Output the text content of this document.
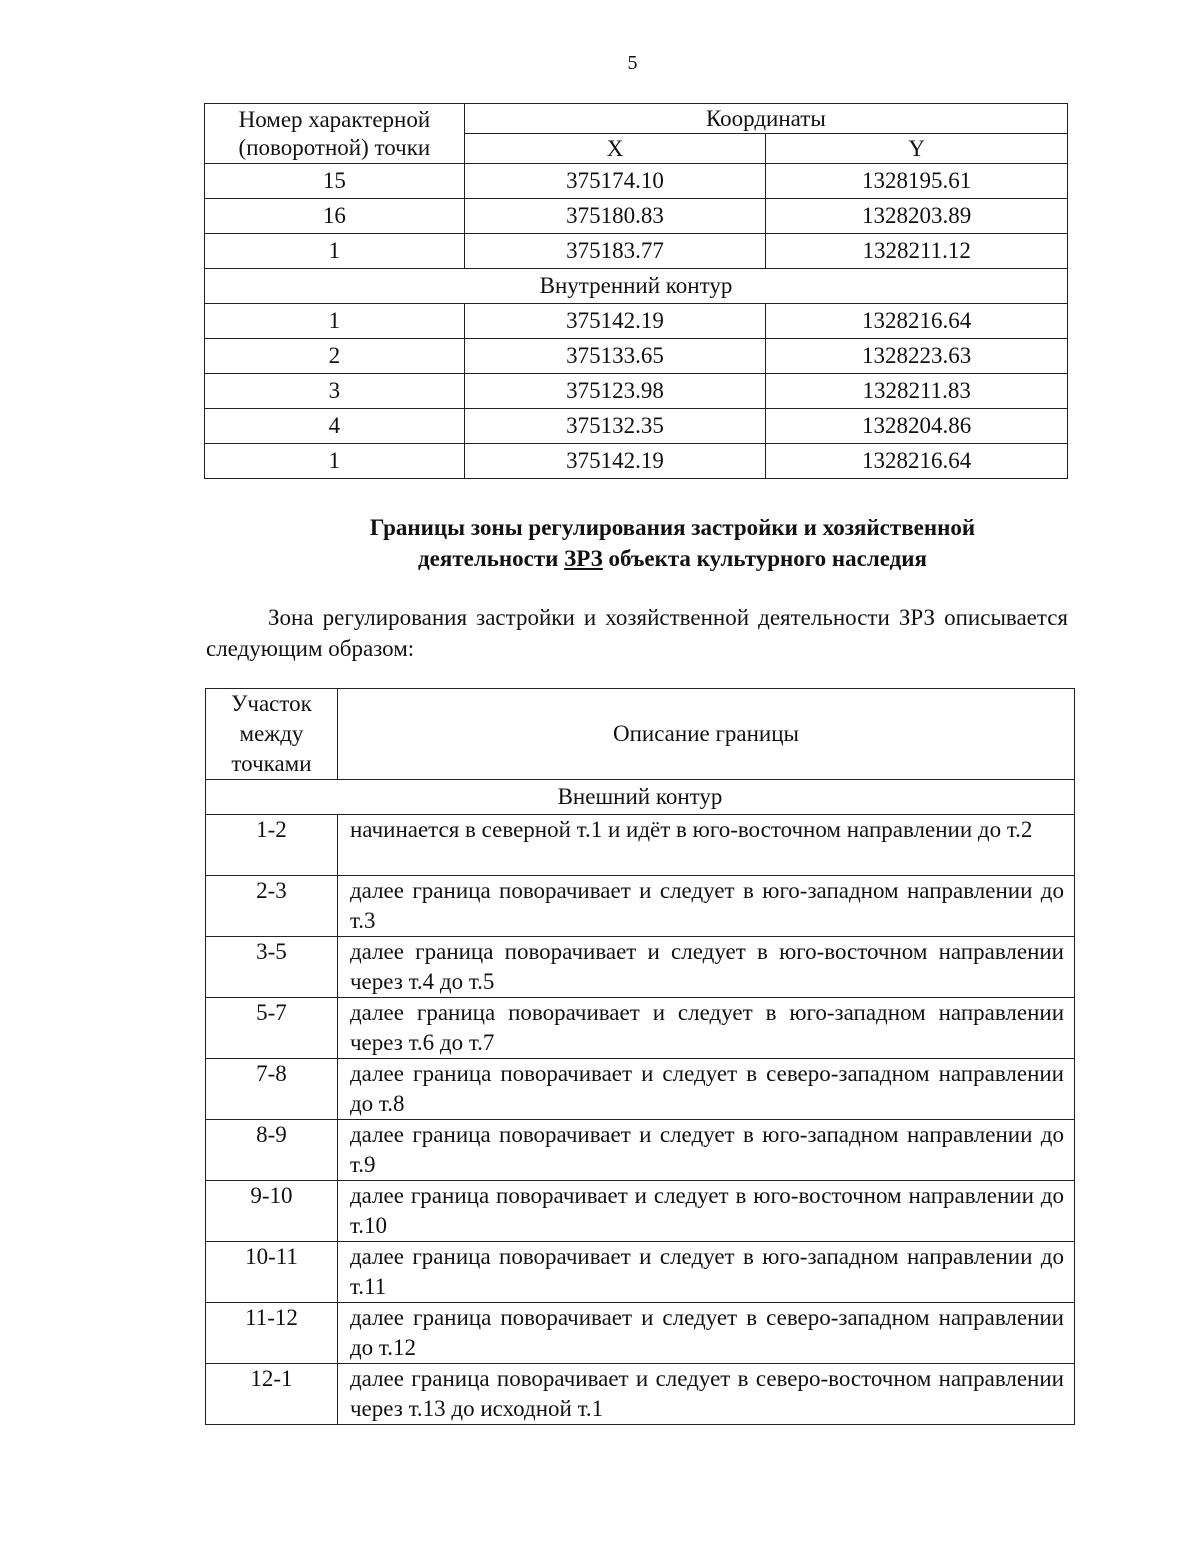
5
Номер характерной (поворотной) точки	Координаты	
	X	Y
15	375174.10	1328195.61
16	375180.83	1328203.89
1	375183.77	1328211.12
Внутренний контур		
1	375142.19	1328216.64
2	375133.65	1328223.63
3	375123.98	1328211.83
4	375132.35	1328204.86
1	375142.19	1328216.64
Границы зоны регулирования застройки и хозяйственной
деятельности ЗРЗ объекта культурного наследия
Зона регулирования застройки и хозяйственной деятельности ЗРЗ описывается следующим образом:
Участок между точками	Описание границы
Внешний контур	
1-2	начинается в северной т.1 и идёт в юго-восточном направлении до т.2
2-3	далее граница поворачивает и следует в юго-западном направлении до т.3
3-5	далее граница поворачивает и следует в юго-восточном направлении через т.4 до т.5
5-7	далее граница поворачивает и следует в юго-западном направлении через т.6 до т.7
7-8	далее граница поворачивает и следует в северо-западном направлении до т.8
8-9	далее граница поворачивает и следует в юго-западном направлении до т.9
9-10	далее граница поворачивает и следует в юго-восточном направлении до т.10
10-11	далее граница поворачивает и следует в юго-западном направлении до т.11
11-12	далее граница поворачивает и следует в северо-западном направлении до т.12
12-1	далее граница поворачивает и следует в северо-восточном направлении через т.13 до исходной т.1
